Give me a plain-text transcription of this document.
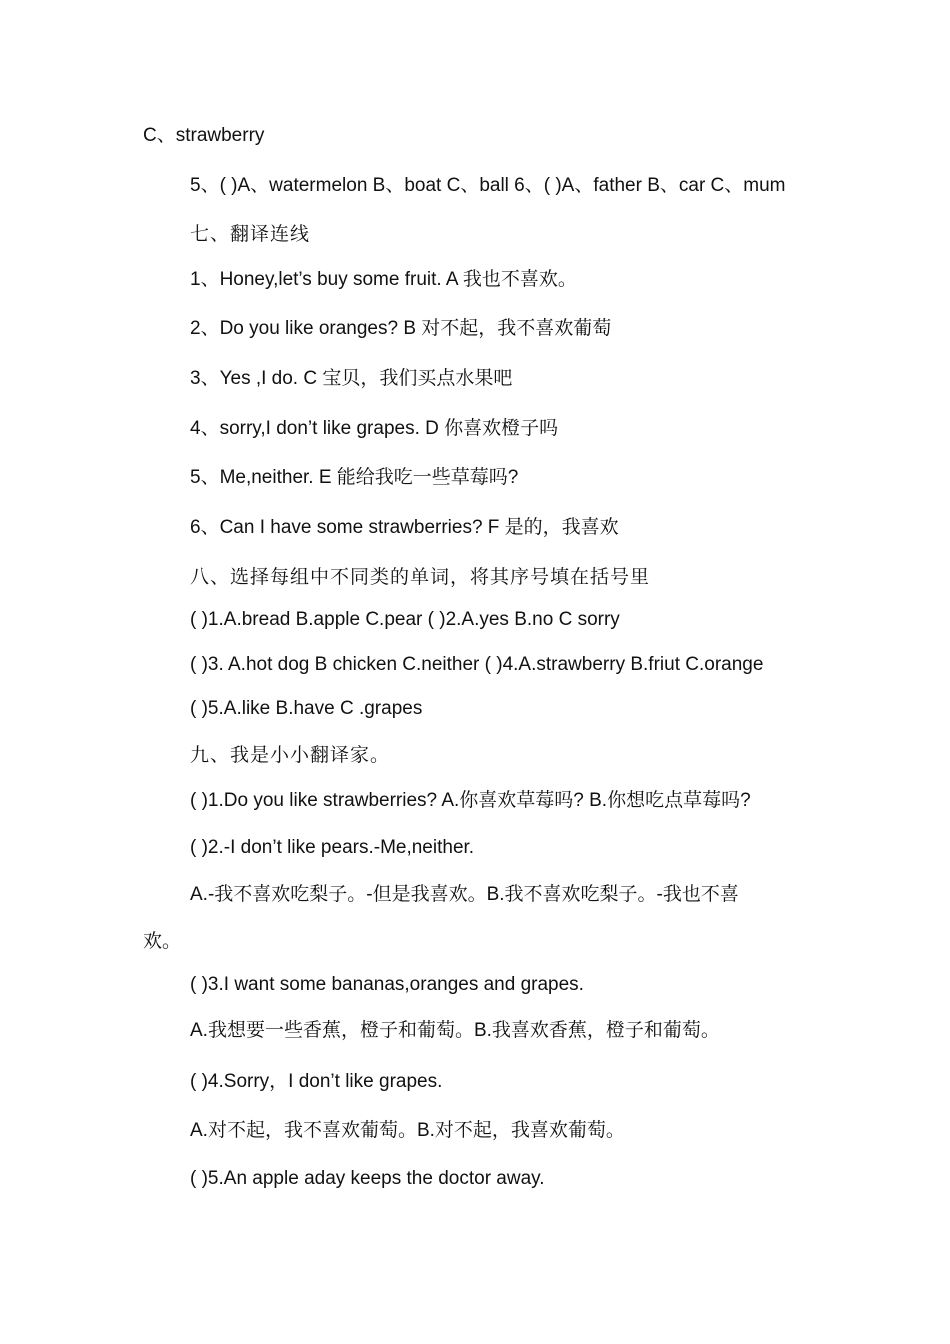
C、strawberry
5、( )A、watermelon B、boat C、ball 6、( )A、father B、car C、mum
七、翻译连线
1、Honey,let’s buy some fruit. A 我也不喜欢。
2、Do you like oranges? B 对不起，我不喜欢葡萄
3、Yes ,I do. C 宝贝，我们买点水果吧
4、sorry,I don’t like grapes. D 你喜欢橙子吗
5、Me,neither. E 能给我吃一些草莓吗?
6、Can I have some strawberries? F 是的，我喜欢
八、选择每组中不同类的单词，将其序号填在括号里
( )1.A.bread B.apple C.pear ( )2.A.yes B.no C sorry
( )3. A.hot dog B chicken C.neither ( )4.A.strawberry B.friut C.orange
( )5.A.like B.have C .grapes
九、我是小小翻译家。
( )1.Do you like strawberries? A.你喜欢草莓吗? B.你想吃点草莓吗?
( )2.-I don’t like pears.-Me,neither.
A.-我不喜欢吃梨子。-但是我喜欢。B.我不喜欢吃梨子。-我也不喜
欢。
( )3.I want some bananas,oranges and grapes.
A.我想要一些香蕉，橙子和葡萄。B.我喜欢香蕉，橙子和葡萄。
( )4.Sorry，I don’t like grapes.
A.对不起，我不喜欢葡萄。B.对不起，我喜欢葡萄。
( )5.An apple aday keeps the doctor away.
